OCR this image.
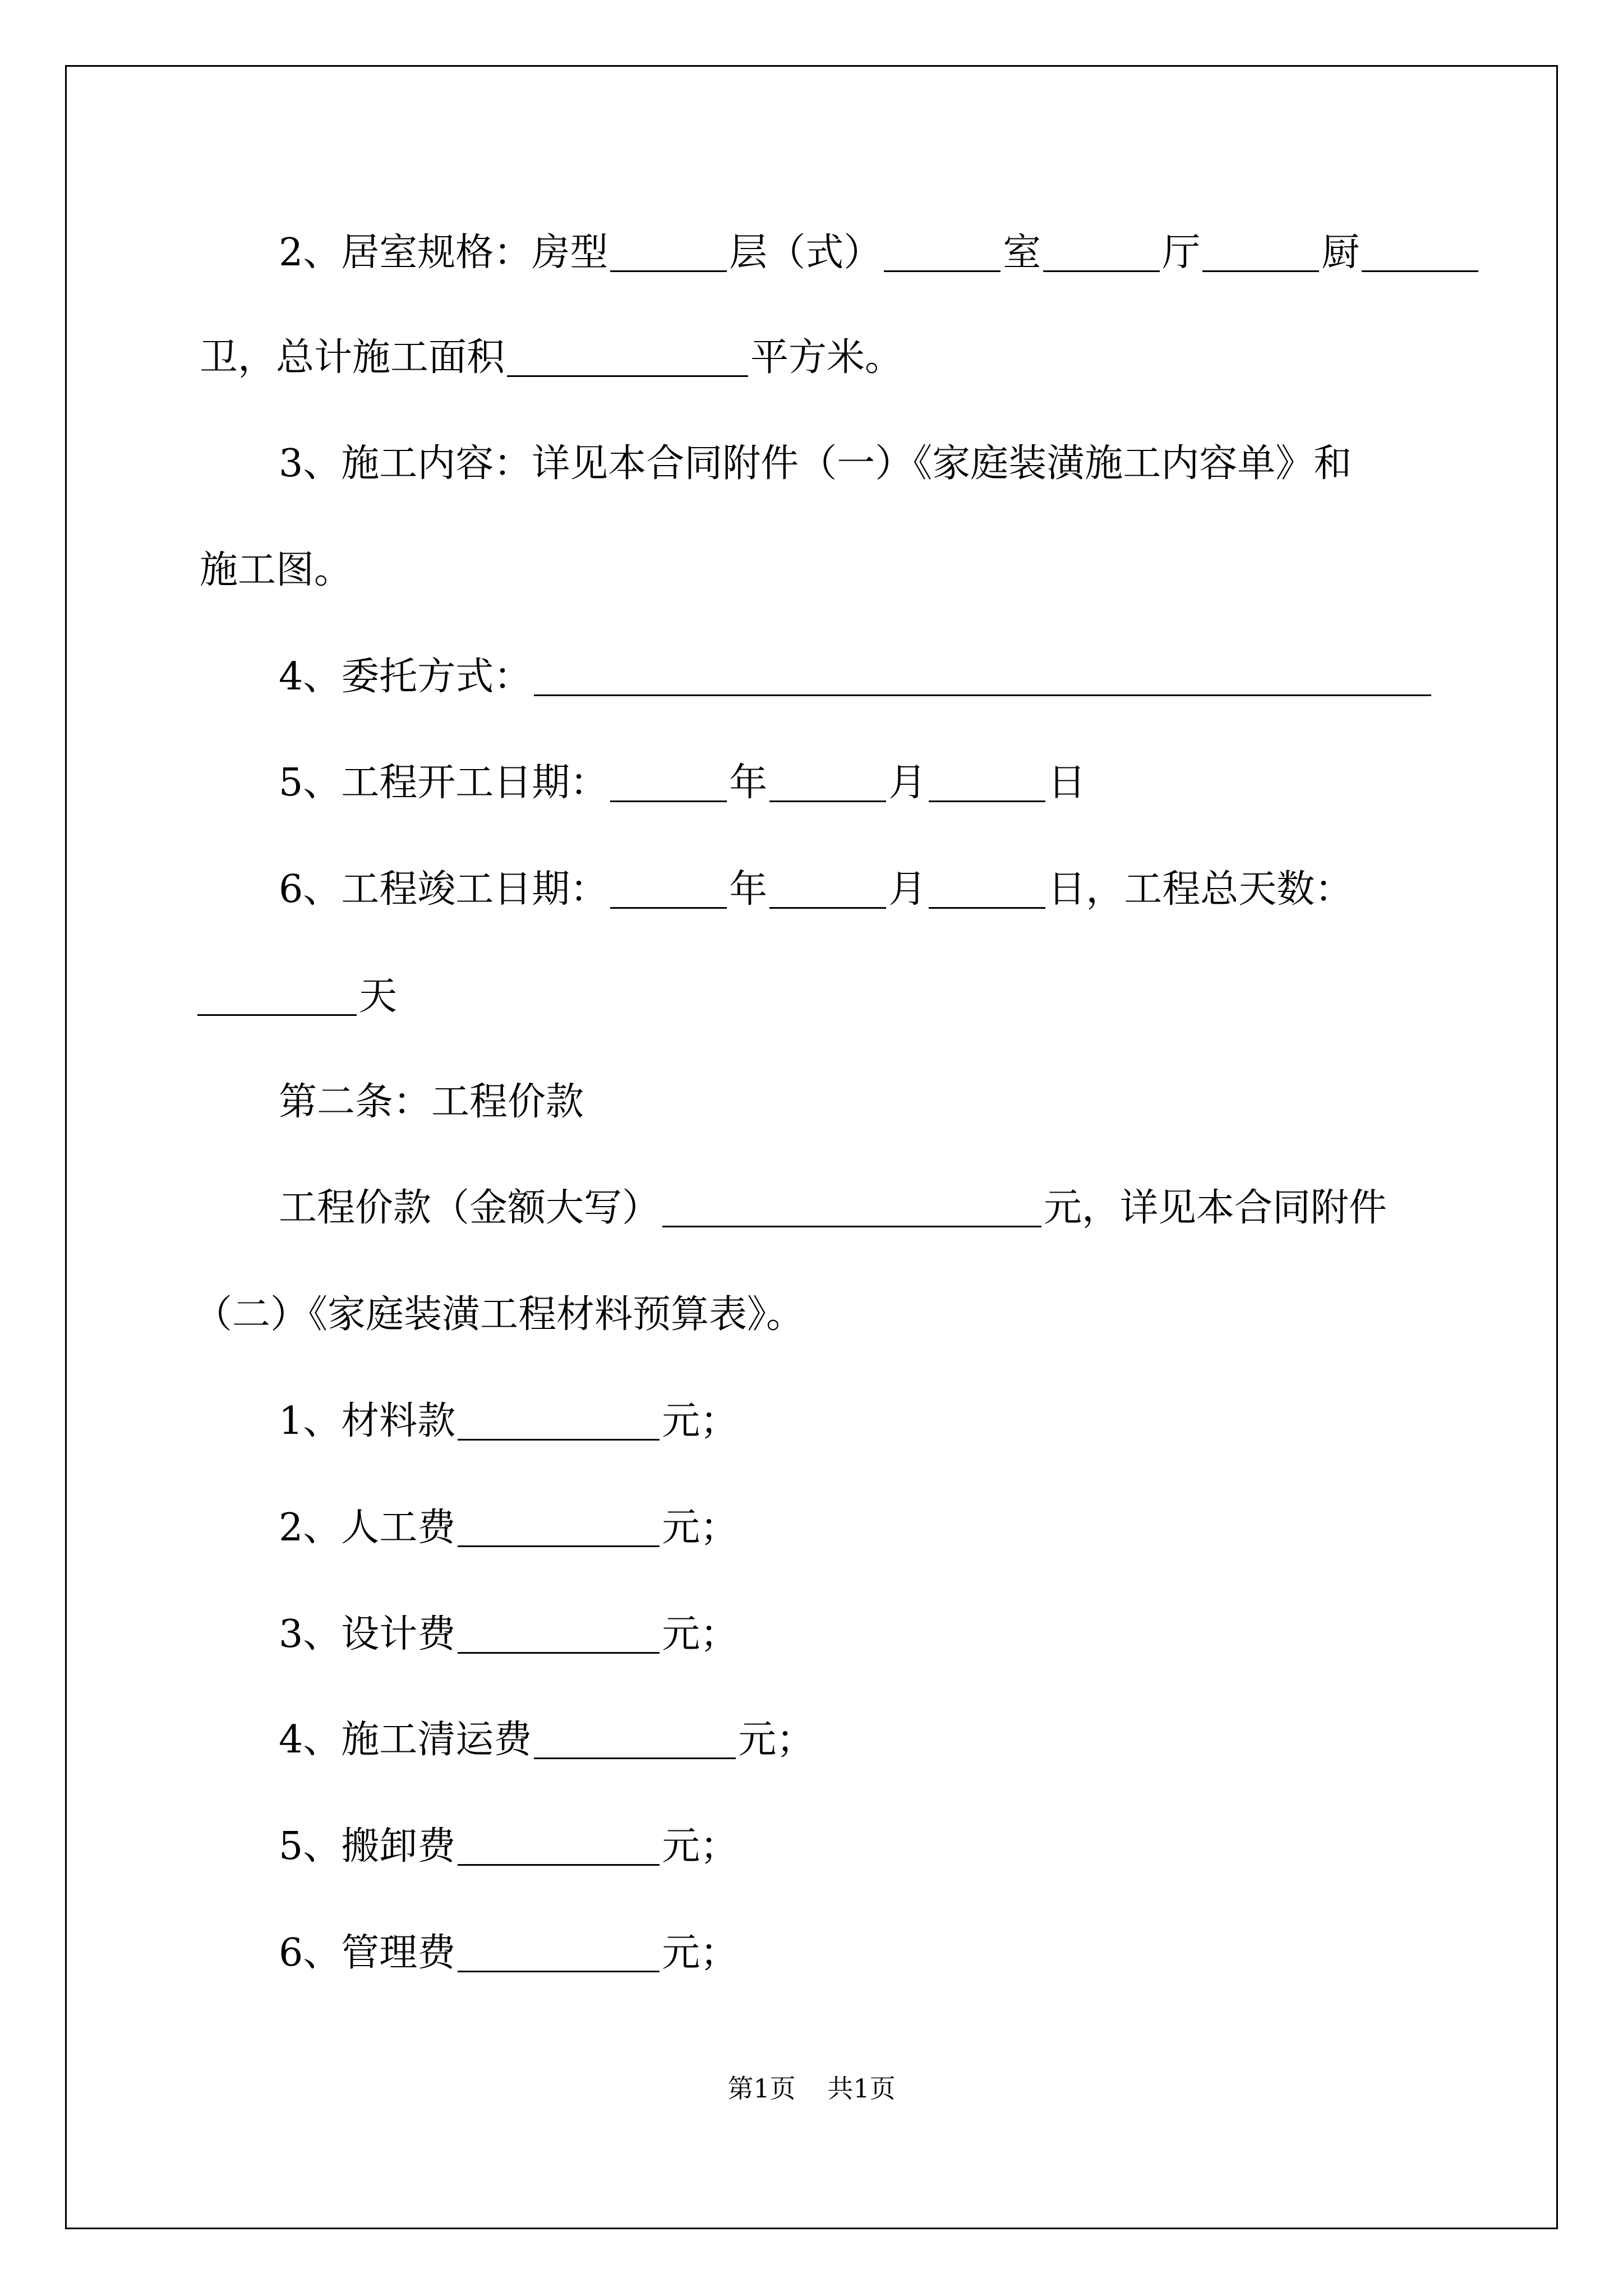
2、居室规格：房型	层（式）	室	厅	厨
卫，总计施工面积	平方米。
3、施工内容：详见本合同附件（一）《家庭装潢施工内容单》和
施工图。
4、委托方式：
5、工程开工日期：	年	月	日
6、工程竣工日期：	年	月	日，工程总天数：
天
第二条：工程价款
工程价款（金额大写）	元，详见本合同附件
（二）《家庭装潢工程材料预算表》。
1、材料款	元；
2、人工费	元；
3、设计费	元；
4、施工清运费	元；
5、搬卸费	元；
6、管理费	元；
第1页 共1页
